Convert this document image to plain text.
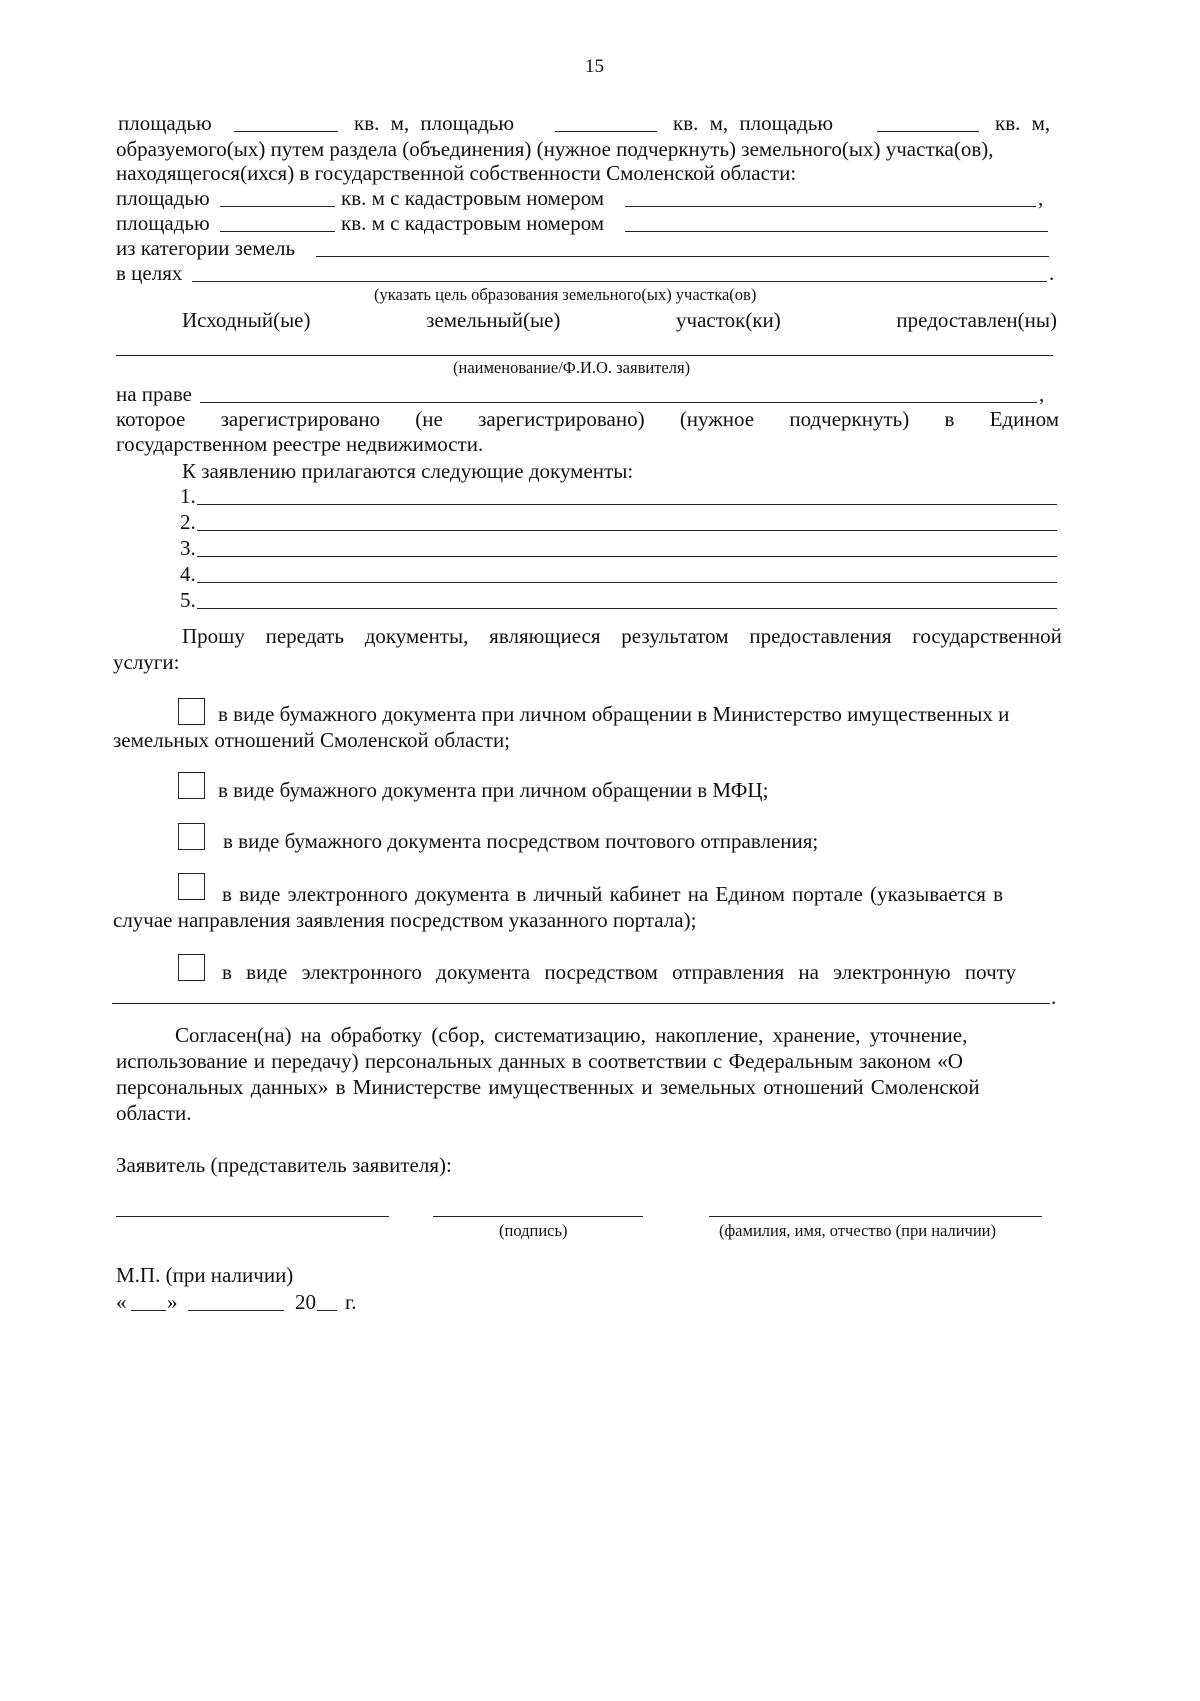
15
площадью	кв. м, площадью	кв. м, площадью	кв. м,
образуемого(ых) путем раздела (объединения) (нужное подчеркнуть) земельного(ых) участка(ов),
находящегося(ихся) в государственной собственности Смоленской области:
площадью	кв. м с кадастровым номером	,
площадью	кв. м с кадастровым номером
из категории земель
в целях	.
(указать цель образования земельного(ых) участка(ов)
Исходный(ые)	земельный(ые)	участок(ки)	предоставлен(ны)
(наименование/Ф.И.О. заявителя)
на праве	,
которое зарегистрировано (не зарегистрировано) (нужное подчеркнуть) в Едином
государственном реестре недвижимости.
К заявлению прилагаются следующие документы:
1.
2.
3.
4.
5.
Прошу передать документы, являющиеся результатом предоставления государственной
услуги:
в виде бумажного документа при личном обращении в Министерство имущественных и
земельных отношений Смоленской области;
в виде бумажного документа при личном обращении в МФЦ;
в виде бумажного документа посредством почтового отправления;
в виде электронного документа в личный кабинет на Едином портале (указывается в
случае направления заявления посредством указанного портала);
в виде электронного документа посредством отправления на электронную почту
.
Согласен(на) на обработку (сбор, систематизацию, накопление, хранение, уточнение,
использование и передачу) персональных данных в соответствии с Федеральным законом «О
персональных данных» в Министерстве имущественных и земельных отношений Смоленской
области.
Заявитель (представитель заявителя):
(подпись)	(фамилия, имя, отчество (при наличии)
М.П. (при наличии)
« »	20 г.
